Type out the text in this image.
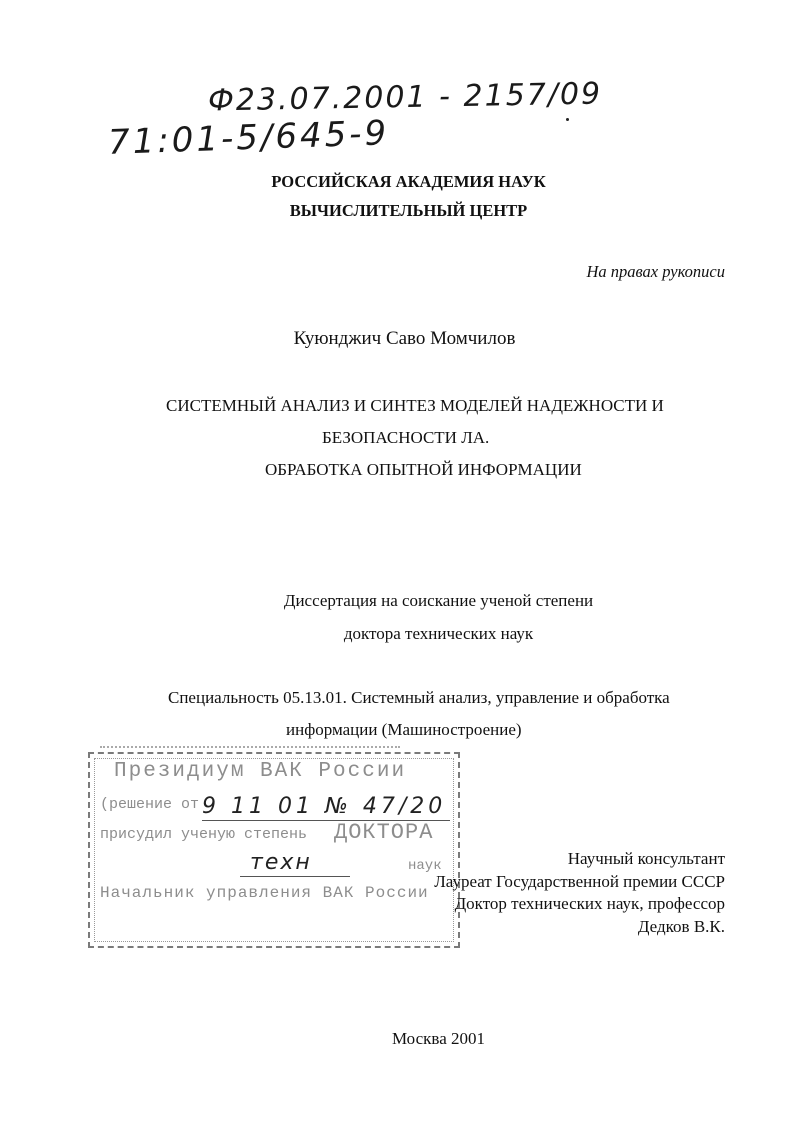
Ф23.07.2001 - 2157/09
71:01-5/645-9
РОССИЙСКАЯ АКАДЕМИЯ НАУК
ВЫЧИСЛИТЕЛЬНЫЙ ЦЕНТР
На правах рукописи
Куюнджич Саво Момчилов
СИСТЕМНЫЙ АНАЛИЗ И СИНТЕЗ МОДЕЛЕЙ НАДЕЖНОСТИ И
БЕЗОПАСНОСТИ ЛА.
ОБРАБОТКА ОПЫТНОЙ ИНФОРМАЦИИ
Диссертация на соискание ученой степени
доктора технических наук
Специальность 05.13.01. Системный анализ, управление и обработка
информации (Машиностроение)
Президиум ВАК России
(решение от 9 11 01 № 47/20
присудил ученую степень ДОКТОРА
техн	наук
Начальник управления ВАК России
Научный консультант
Лауреат Государственной премии СССР
Доктор технических наук, профессор
Дедков В.К.
Москва 2001
